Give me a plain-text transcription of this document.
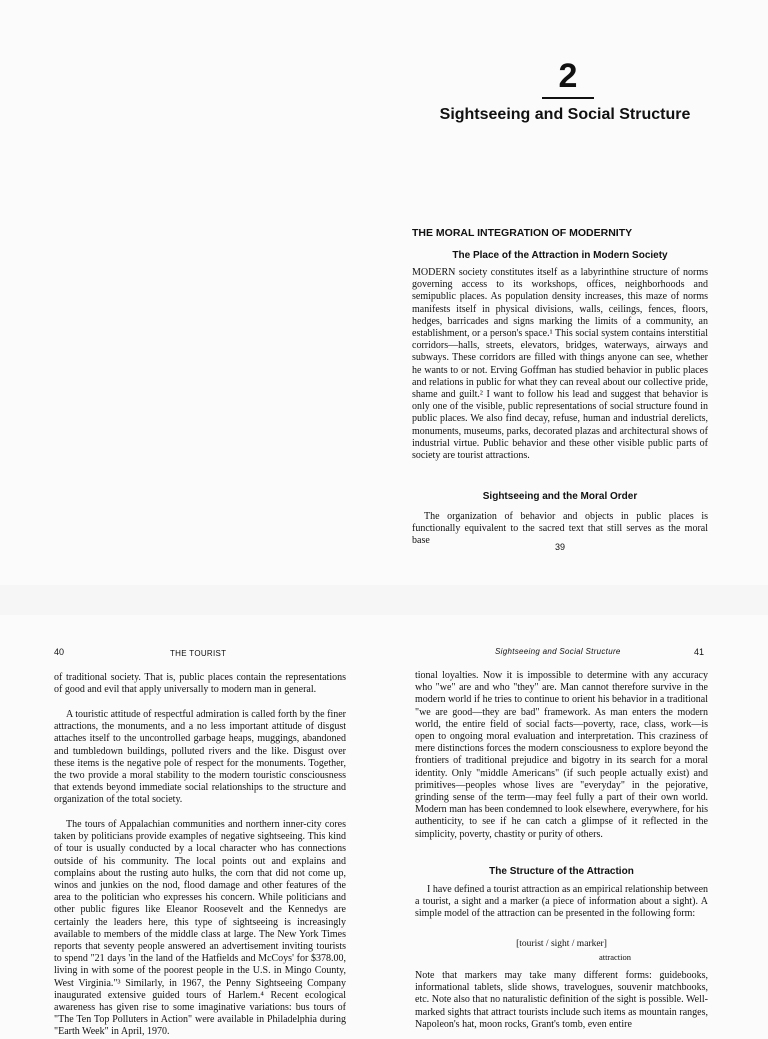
2
Sightseeing and Social Structure
THE MORAL INTEGRATION OF MODERNITY
The Place of the Attraction in Modern Society

MODERN society constitutes itself as a labyrinthine structure of norms governing access to its workshops, offices, neighborhoods and semipublic places. As population density increases, this maze of norms manifests itself in physical divisions, walls, ceilings, fences, floors, hedges, barricades and signs marking the limits of a community, an establishment, or a person's space.¹ This social system contains interstitial corridors—halls, streets, elevators, bridges, waterways, airways and subways. These corridors are filled with things anyone can see, whether he wants to or not. Erving Goffman has studied behavior in public places and relations in public for what they can reveal about our collective pride, shame and guilt.² I want to follow his lead and suggest that behavior is only one of the visible, public representations of social structure found in public places. We also find decay, refuse, human and industrial derelicts, monuments, museums, parks, decorated plazas and architectural shows of industrial virtue. Public behavior and these other visible public parts of society are tourist attractions.

Sightseeing and the Moral Order

The organization of behavior and objects in public places is functionally equivalent to the sacred text that still serves as the moral base

39
40	THE TOURIST

of traditional society. That is, public places contain the representations of good and evil that apply universally to modern man in general.

A touristic attitude of respectful admiration is called forth by the finer attractions, the monuments, and a no less important attitude of disgust attaches itself to the uncontrolled garbage heaps, muggings, abandoned and tumbledown buildings, polluted rivers and the like. Disgust over these items is the negative pole of respect for the monuments. Together, the two provide a moral stability to the modern touristic consciousness that extends beyond immediate social relationships to the structure and organization of the total society.

The tours of Appalachian communities and northern inner-city cores taken by politicians provide examples of negative sightseeing. This kind of tour is usually conducted by a local character who has connections outside of his community. The local points out and explains and complains about the rusting auto hulks, the corn that did not come up, winos and junkies on the nod, flood damage and other features of the area to the politician who expresses his concern. While politicians and other public figures like Eleanor Roosevelt and the Kennedys are certainly the leaders here, this type of sightseeing is increasingly available to members of the middle class at large. The New York Times reports that seventy people answered an advertisement inviting tourists to spend "21 days 'in the land of the Hatfields and McCoys' for $378.00, living in with some of the poorest people in the U.S. in Mingo County, West Virginia."³ Similarly, in 1967, the Penny Sightseeing Company inaugurated extensive guided tours of Harlem.⁴ Recent ecological awareness has given rise to some imaginative variations: bus tours of "The Ten Top Polluters in Action" were available in Philadelphia during "Earth Week" in April, 1970.

Sightseeing and Social Structure	41

tional loyalties. Now it is impossible to determine with any accuracy who "we" are and who "they" are. Man cannot therefore survive in the modern world if he tries to continue to orient his behavior in a traditional "we are good—they are bad" framework. As man enters the modern world, the entire field of social facts—poverty, race, class, work—is open to ongoing moral evaluation and interpretation. This craziness of mere distinctions forces the modern consciousness to explore beyond the frontiers of traditional prejudice and bigotry in its search for a moral identity. Only "middle Americans" (if such people actually exist) and primitives—peoples whose lives are "everyday" in the pejorative, grinding sense of the term—may feel fully a part of their own world. Modern man has been condemned to look elsewhere, everywhere, for his authenticity, to see if he can catch a glimpse of it reflected in the simplicity, poverty, chastity or purity of others.

The Structure of the Attraction

I have defined a tourist attraction as an empirical relationship between a tourist, a sight and a marker (a piece of information about a sight). A simple model of the attraction can be presented in the following form:

[tourist / sight / marker]
attraction

Note that markers may take many different forms: guidebooks, informational tablets, slide shows, travelogues, souvenir matchbooks, etc. Note also that no naturalistic definition of the sight is possible. Well-marked sights that attract tourists include such items as mountain ranges, Napoleon's hat, moon rocks, Grant's tomb, even entire
